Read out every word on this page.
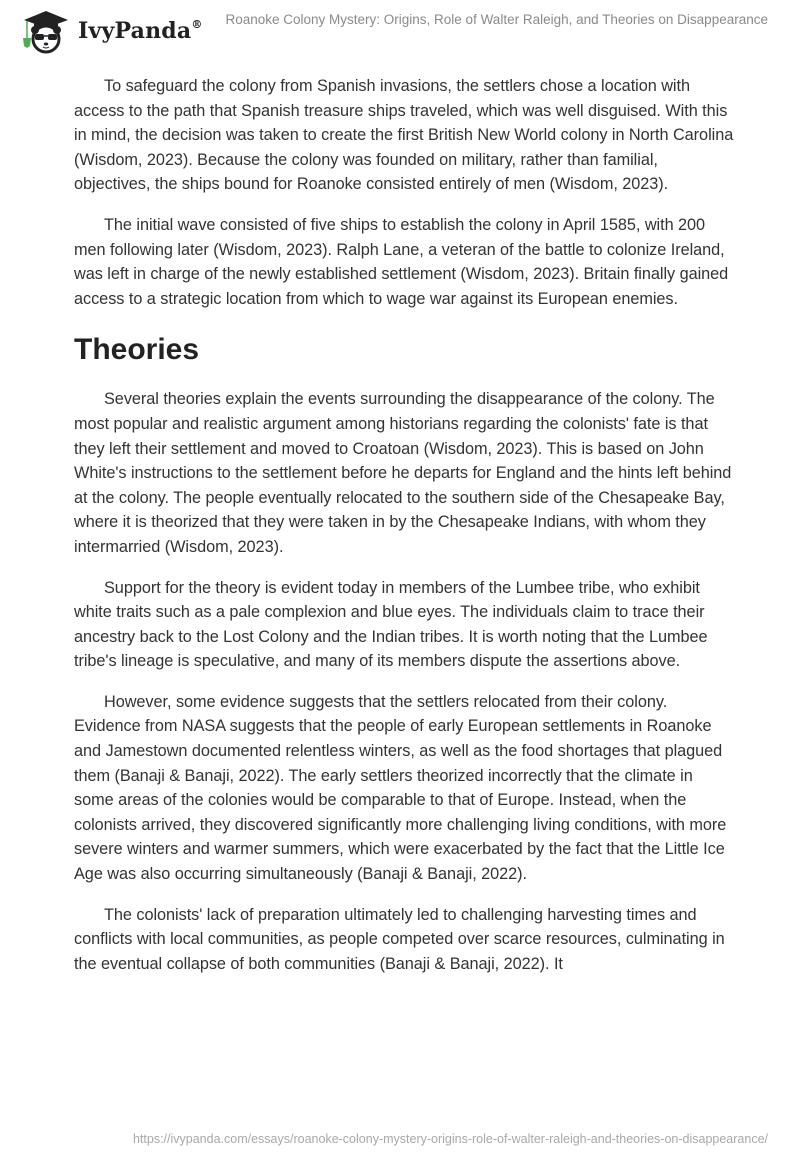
IvyPanda® Roanoke Colony Mystery: Origins, Role of Walter Raleigh, and Theories on Disappearance

To safeguard the colony from Spanish invasions, the settlers chose a location with access to the path that Spanish treasure ships traveled, which was well disguised. With this in mind, the decision was taken to create the first British New World colony in North Carolina (Wisdom, 2023). Because the colony was founded on military, rather than familial, objectives, the ships bound for Roanoke consisted entirely of men (Wisdom, 2023).

The initial wave consisted of five ships to establish the colony in April 1585, with 200 men following later (Wisdom, 2023). Ralph Lane, a veteran of the battle to colonize Ireland, was left in charge of the newly established settlement (Wisdom, 2023). Britain finally gained access to a strategic location from which to wage war against its European enemies.

Theories

Several theories explain the events surrounding the disappearance of the colony. The most popular and realistic argument among historians regarding the colonists' fate is that they left their settlement and moved to Croatoan (Wisdom, 2023). This is based on John White's instructions to the settlement before he departs for England and the hints left behind at the colony. The people eventually relocated to the southern side of the Chesapeake Bay, where it is theorized that they were taken in by the Chesapeake Indians, with whom they intermarried (Wisdom, 2023).

Support for the theory is evident today in members of the Lumbee tribe, who exhibit white traits such as a pale complexion and blue eyes. The individuals claim to trace their ancestry back to the Lost Colony and the Indian tribes. It is worth noting that the Lumbee tribe's lineage is speculative, and many of its members dispute the assertions above.

However, some evidence suggests that the settlers relocated from their colony. Evidence from NASA suggests that the people of early European settlements in Roanoke and Jamestown documented relentless winters, as well as the food shortages that plagued them (Banaji & Banaji, 2022). The early settlers theorized incorrectly that the climate in some areas of the colonies would be comparable to that of Europe. Instead, when the colonists arrived, they discovered significantly more challenging living conditions, with more severe winters and warmer summers, which were exacerbated by the fact that the Little Ice Age was also occurring simultaneously (Banaji & Banaji, 2022).

The colonists' lack of preparation ultimately led to challenging harvesting times and conflicts with local communities, as people competed over scarce resources, culminating in the eventual collapse of both communities (Banaji & Banaji, 2022). It

https://ivypanda.com/essays/roanoke-colony-mystery-origins-role-of-walter-raleigh-and-theories-on-disappearance/
